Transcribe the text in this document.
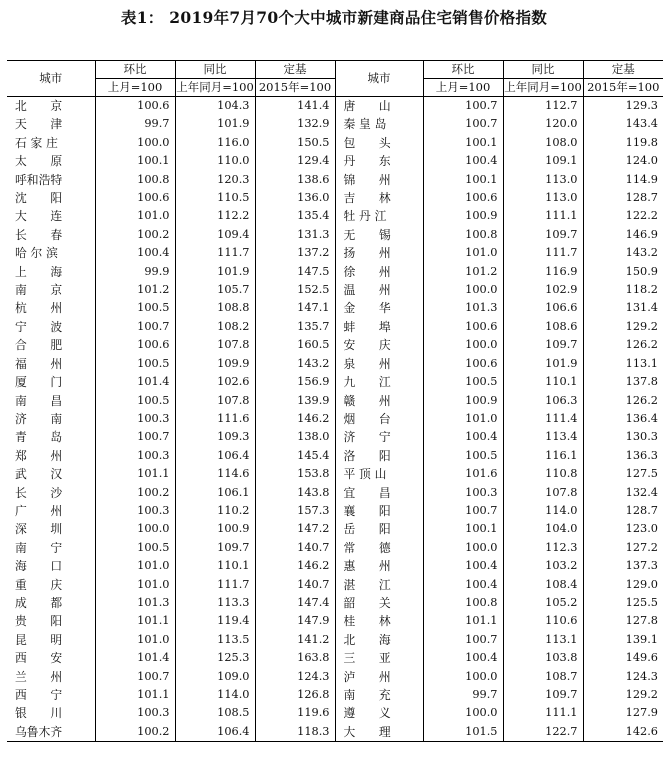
表1： 2019年7月70个大中城市新建商品住宅销售价格指数
城市	环比	同比	定基	城市	环比	同比	定基
	上月=100	上年同月=100	2015年=100		上月=100	上年同月=100	2015年=100
北　　京	100.6	104.3	141.4	唐　　山	100.7	112.7	129.3
天　　津	99.7	101.9	132.9	秦 皇 岛	100.7	120.0	143.4
石 家 庄	100.0	116.0	150.5	包　　头	100.1	108.0	119.8
太　　原	100.1	110.0	129.4	丹　　东	100.4	109.1	124.0
呼和浩特	100.8	120.3	138.6	锦　　州	100.1	113.0	114.9
沈　　阳	100.6	110.5	136.0	吉　　林	100.6	113.0	128.7
大　　连	101.0	112.2	135.4	牡 丹 江	100.9	111.1	122.2
长　　春	100.2	109.4	131.3	无　　锡	100.8	109.7	146.9
哈 尔 滨	100.4	111.7	137.2	扬　　州	101.0	111.7	143.2
上　　海	99.9	101.9	147.5	徐　　州	101.2	116.9	150.9
南　　京	101.2	105.7	152.5	温　　州	100.0	102.9	118.2
杭　　州	100.5	108.8	147.1	金　　华	101.3	106.6	131.4
宁　　波	100.7	108.2	135.7	蚌　　埠	100.6	108.6	129.2
合　　肥	100.6	107.8	160.5	安　　庆	100.0	109.7	126.2
福　　州	100.5	109.9	143.2	泉　　州	100.6	101.9	113.1
厦　　门	101.4	102.6	156.9	九　　江	100.5	110.1	137.8
南　　昌	100.5	107.8	139.9	赣　　州	100.9	106.3	126.2
济　　南	100.3	111.6	146.2	烟　　台	101.0	111.4	136.4
青　　岛	100.7	109.3	138.0	济　　宁	100.4	113.4	130.3
郑　　州	100.3	106.4	145.4	洛　　阳	100.5	116.1	136.3
武　　汉	101.1	114.6	153.8	平 顶 山	101.6	110.8	127.5
长　　沙	100.2	106.1	143.8	宜　　昌	100.3	107.8	132.4
广　　州	100.3	110.2	157.3	襄　　阳	100.7	114.0	128.7
深　　圳	100.0	100.9	147.2	岳　　阳	100.1	104.0	123.0
南　　宁	100.5	109.7	140.7	常　　德	100.0	112.3	127.2
海　　口	101.0	110.1	146.2	惠　　州	100.4	103.2	137.3
重　　庆	101.0	111.7	140.7	湛　　江	100.4	108.4	129.0
成　　都	101.3	113.3	147.4	韶　　关	100.8	105.2	125.5
贵　　阳	101.1	119.4	147.9	桂　　林	101.1	110.6	127.8
昆　　明	101.0	113.5	141.2	北　　海	100.7	113.1	139.1
西　　安	101.4	125.3	163.8	三　　亚	100.4	103.8	149.6
兰　　州	100.7	109.0	124.3	泸　　州	100.0	108.7	124.3
西　　宁	101.1	114.0	126.8	南　　充	99.7	109.7	129.2
银　　川	100.3	108.5	119.6	遵　　义	100.0	111.1	127.9
乌鲁木齐	100.2	106.4	118.3	大　　理	101.5	122.7	142.6
